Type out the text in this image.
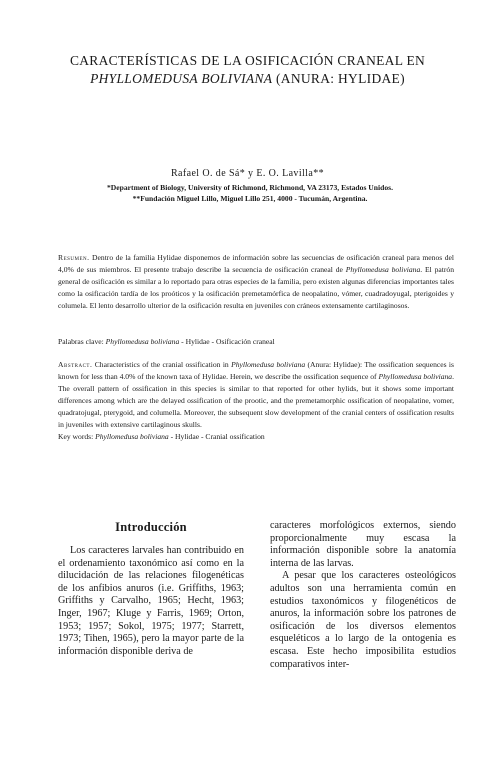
CARACTERÍSTICAS DE LA OSIFICACIÓN CRANEAL EN
PHYLLOMEDUSA BOLIVIANA (ANURA: HYLIDAE)
Rafael O. de Sá* y E. O. Lavilla**
*Department of Biology, University of Richmond, Richmond, VA 23173, Estados Unidos.
**Fundación Miguel Lillo, Miguel Lillo 251, 4000 - Tucumán, Argentina.
Resumen. Dentro de la familia Hylidae disponemos de información sobre las secuencias de osificación craneal para menos del 4,0% de sus miembros. El presente trabajo describe la secuencia de osificación craneal de Phyllomedusa boliviana. El patrón general de osificación es similar a lo reportado para otras especies de la familia, pero existen algunas diferencias importantes tales como la osificación tardía de los proóticos y la osificación premetamórfica de neopalatino, vómer, cuadradoyugal, pterigoides y columela. El lento desarrollo ulterior de la osificación resulta en juveniles con cráneos extensamente cartilaginosos.
Palabras clave: Phyllomedusa boliviana - Hylidae - Osificación craneal
Abstract. Characteristics of the cranial ossification in Phyllomedusa boliviana (Anura: Hylidae): The ossification sequences is known for less than 4.0% of the known taxa of Hylidae. Herein, we describe the ossification sequence of Phyllomedusa boliviana. The overall pattern of ossification in this species is similar to that reported for other hylids, but it shows some important differences among which are the delayed ossification of the prootic, and the premetamorphic ossification of neopalatine, vomer, quadratojugal, pterygoid, and columella. Moreover, the subsequent slow development of the cranial centers of ossification results in juveniles with extensive cartilaginous skulls.
Key words: Phyllomedusa boliviana - Hylidae - Cranial ossification
Introducción
Los caracteres larvales han contribuido en el ordenamiento taxonómico así como en la dilucidación de las relaciones filogenéticas de los anfibios anuros (i.e. Griffiths, 1963; Griffiths y Carvalho, 1965; Hecht, 1963; Inger, 1967; Kluge y Farris, 1969; Orton, 1953; 1957; Sokol, 1975; 1977; Starrett, 1973; Tihen, 1965), pero la mayor parte de la información disponible deriva de

caracteres morfológicos externos, siendo proporcionalmente muy escasa la información disponible sobre la anatomía interna de las larvas.

A pesar que los caracteres osteológicos adultos son una herramienta común en estudios taxonómicos y filogenéticos de anuros, la información sobre los patrones de osificación de los diversos elementos esqueléticos a lo largo de la ontogenia es escasa. Este hecho imposibilita estudios comparativos inter-
